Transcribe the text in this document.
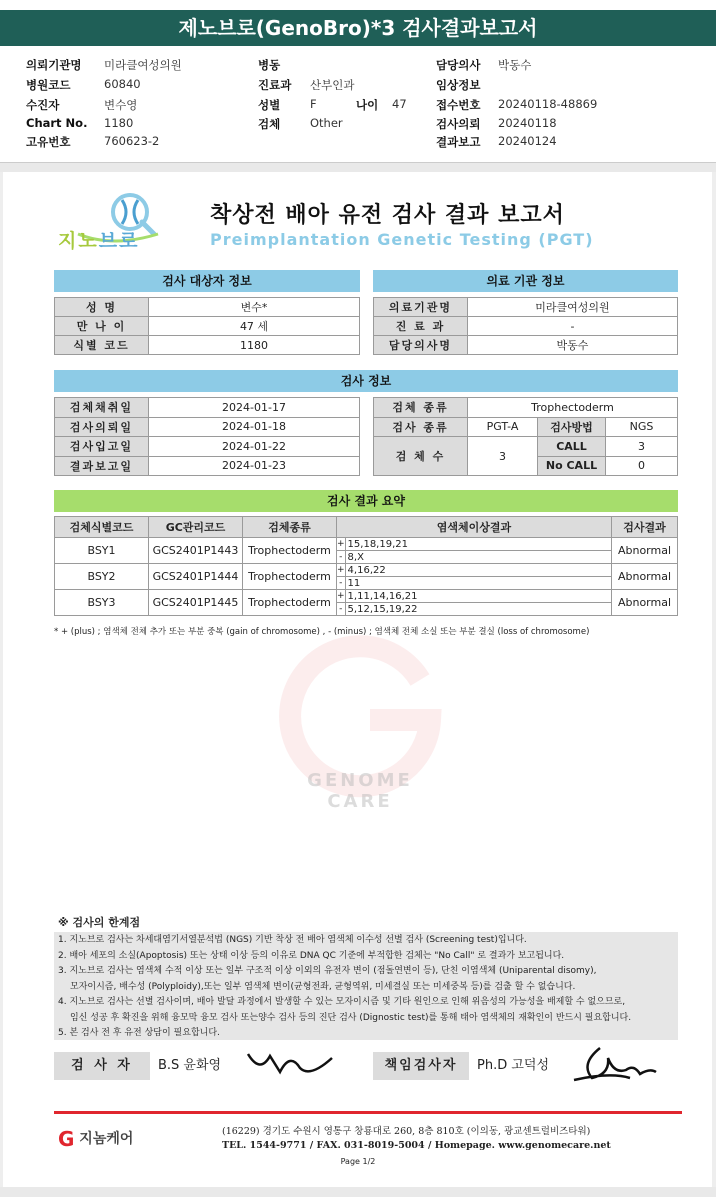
제노브로(GenoBro)*3 검사결과보고서
의뢰기관명 미라클여성의원
병원코드	60840
수진자	변수영
Chart No. 1180
고유번호	760623-2
병동
진료과 산부인과
성별	F	나이 47
검체	Other
담당의사 박동수
임상정보
접수번호 20240118-48869
검사의뢰 20240118
결과보고 20240124
지노브로
착상전 배아 유전 검사 결과 보고서
Preimplantation Genetic Testing (PGT)
검사 대상자 정보
성 명	변수*
만 나 이	47 세
식별 코드	1180
의료 기관 정보
의료기관명	미라클여성의원
진 료 과	-
담당의사명	박동수
검사 정보
검체채취일	2024-01-17
검사의뢰일	2024-01-18
검사입고일	2024-01-22
결과보고일	2024-01-23
검체 종류	Trophectoderm		
검사 종류	PGT-A	검사방법	NGS
검 체 수	3	CALL	3
		No CALL	0
검사 결과 요약
검체식별코드	GC관리코드	검체종류	염색체이상결과		검사결과
BSY1	GCS2401P1443	Trophectoderm	+	15,18,19,21	Abnormal
			-	8,X	
BSY2	GCS2401P1444	Trophectoderm	+	4,16,22	Abnormal
			-	11	
BSY3	GCS2401P1445	Trophectoderm	+	1,11,14,16,21	Abnormal
			-	5,12,15,19,22	
* + (plus) ; 염색체 전체 추가 또는 부분 중복 (gain of chromosome) , - (minus) ; 염색체 전체 소실 또는 부분 결실 (loss of chromosome)
GENOME CARE
※ 검사의 한계점
1. 지노브로 검사는 차세대염기서열분석법 (NGS) 기반 착상 전 배아 염색체 이수성 선별 검사 (Screening test)입니다.
2. 배아 세포의 소실(Apoptosis) 또는 상태 이상 등의 이유로 DNA QC 기준에 부적합한 검체는 "No Call" 로 결과가 보고됩니다.
3. 지노브로 검사는 염색체 수적 이상 또는 일부 구조적 이상 이외의 유전자 변이 (점돌연변이 등), 단친 이염색체 (Uniparental disomy),
모자이시즘, 배수성 (Polyploidy),또는 일부 염색체 변이(균형전좌, 균형역위, 미세결실 또는 미세중복 등)를 검출 할 수 없습니다.
4. 지노브로 검사는 선별 검사이며, 배아 발달 과정에서 발생할 수 있는 모자이시즘 및 기타 원인으로 인해 위음성의 가능성을 배제할 수 없으므로,
임신 성공 후 확진을 위해 융모막 융모 검사 또는양수 검사 등의 진단 검사 (Dignostic test)를 통해 태아 염색체의 재확인이 반드시 필요합니다.
5. 본 검사 전 후 유전 상담이 필요합니다.
검 사 자	B.S 윤화영	책임검사자	Ph.D 고덕성
G 지놈케어	(16229) 경기도 수원시 영통구 창룡대로 260, 8층 810호 (이의동, 광교센트럴비즈타워)
TEL. 1544-9771 / FAX. 031-8019-5004 / Homepage. www.genomecare.net
Page 1/2
